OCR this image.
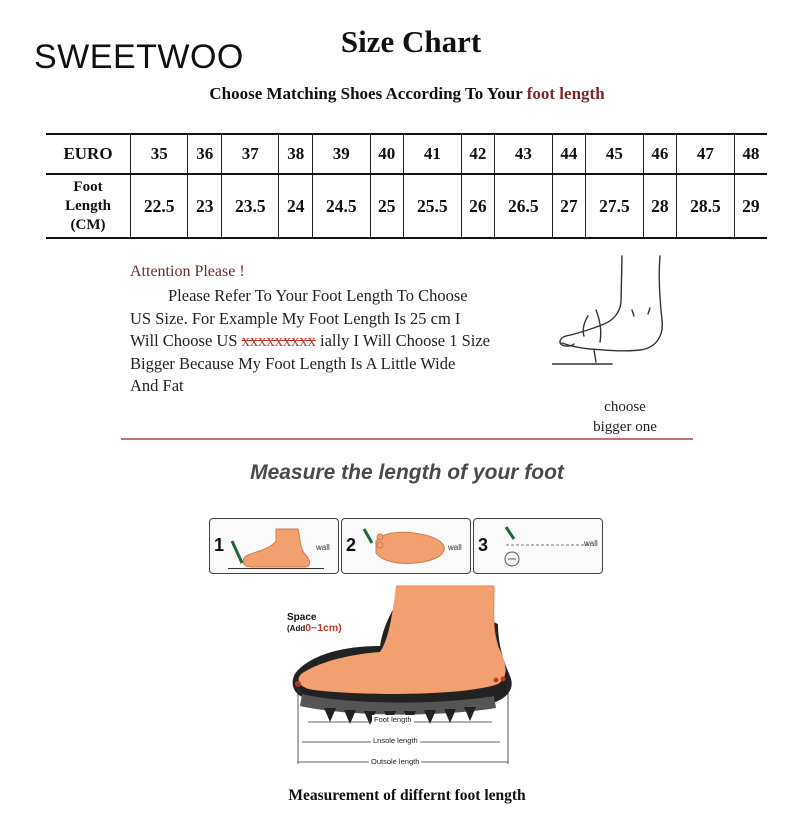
SWEETWOO	Size Chart
Choose Matching Shoes According To Your foot length
EURO	35	36	37	38	39	40	41	42	43	44	45	46	47	48
Foot
Length
(CM)	22.5	23	23.5	24	24.5	25	25.5	26	26.5	27	27.5	28	28.5	29
Attention Please !

Please Refer To Your Foot Length To Choose

US Size. For Example My Foot Length Is 25 cm I

Will Choose US xxxxxxxxx ially I Will Choose 1 Size

Bigger Because My Foot Length Is A Little Wide

And Fat

choose
bigger one
Measure the length of your foot
1	wall 2	wall 3	wall
Space
(Add0~1cm)
Foot length
Lnsole length
Outsole length
Measurement of differnt foot length
